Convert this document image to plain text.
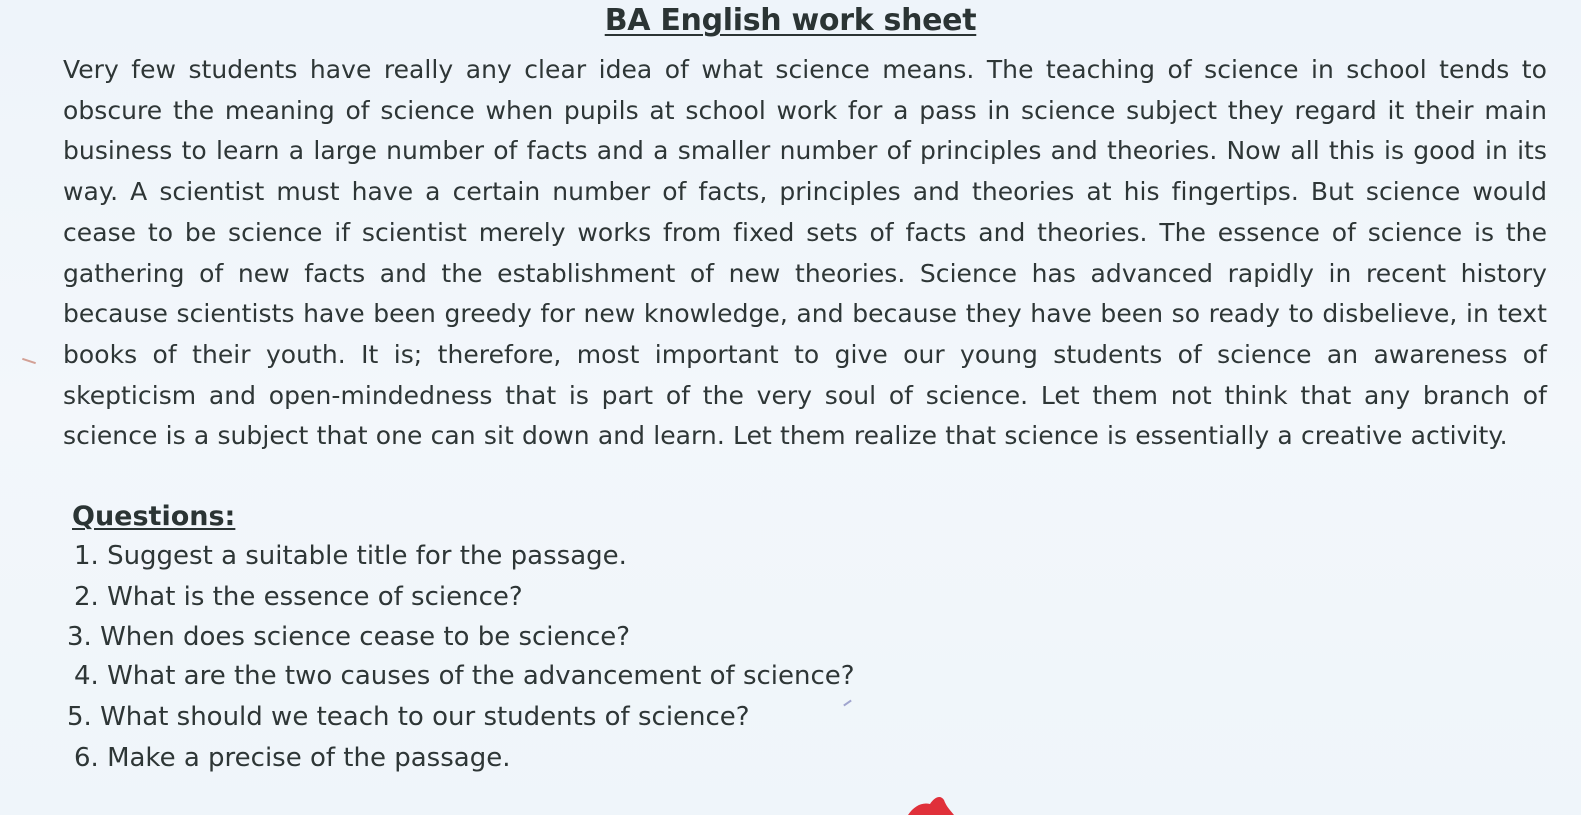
BA English work sheet
Very few students have really any clear idea of what science means. The teaching of science in school tends to obscure the meaning of science when pupils at school work for a pass in science subject they regard it their main business to learn a large number of facts and a smaller number of principles and theories. Now all this is good in its way. A scientist must have a certain number of facts, principles and theories at his fingertips. But science would cease to be science if scientist merely works from fixed sets of facts and theories. The essence of science is the gathering of new facts and the establishment of new theories. Science has advanced rapidly in recent history because scientists have been greedy for new knowledge, and because they have been so ready to disbelieve, in text books of their youth. It is; therefore, most important to give our young students of science an awareness of skepticism and open-mindedness that is part of the very soul of science. Let them not think that any branch of science is a subject that one can sit down and learn. Let them realize that science is essentially a creative activity.
Questions:
1. Suggest a suitable title for the passage.
2. What is the essence of science?
3. When does science cease to be science?
4. What are the two causes of the advancement of science?
5. What should we teach to our students of science?
6. Make a precise of the passage.
